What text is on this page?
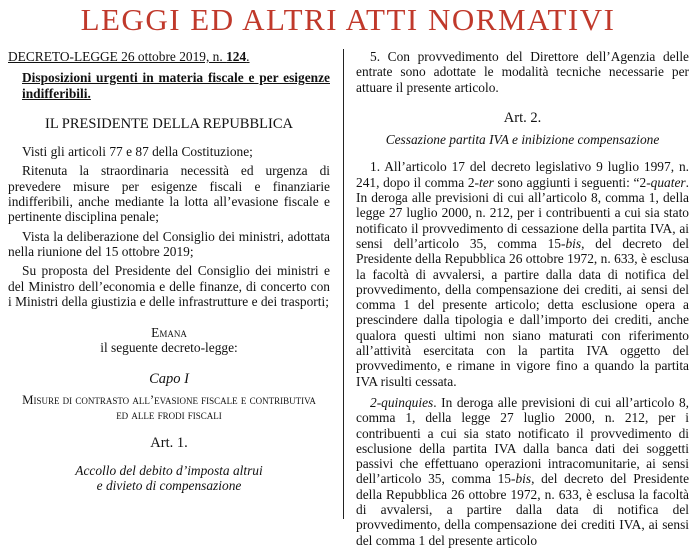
LEGGI ED ALTRI ATTI NORMATIVI

DECRETO-LEGGE 26 ottobre 2019, n. 124.

Disposizioni urgenti in materia fiscale e per esigenze indifferibili.

IL PRESIDENTE DELLA REPUBBLICA

Visti gli articoli 77 e 87 della Costituzione;

Ritenuta la straordinaria necessità ed urgenza di prevedere misure per esigenze fiscali e finanziarie indifferibili, anche mediante la lotta all’evasione fiscale e pertinente disciplina penale;

Vista la deliberazione del Consiglio dei ministri, adottata nella riunione del 15 ottobre 2019;

Su proposta del Presidente del Consiglio dei ministri e del Ministro dell’economia e delle finanze, di concerto con i Ministri della giustizia e delle infrastrutture e dei trasporti;

Emana

il seguente decreto-legge:

Capo I

Misure di contrasto all’evasione fiscale e contributiva
ed alle frodi fiscali

Art. 1.

Accollo del debito d’imposta altrui
e divieto di compensazione

5. Con provvedimento del Direttore dell’Agenzia delle entrate sono adottate le modalità tecniche necessarie per attuare il presente articolo.

Art. 2.

Cessazione partita IVA e inibizione compensazione

1. All’articolo 17 del decreto legislativo 9 luglio 1997, n. 241, dopo il comma 2-ter sono aggiunti i seguenti: “2-quater. In deroga alle previsioni di cui all’articolo 8, comma 1, della legge 27 luglio 2000, n. 212, per i contribuenti a cui sia stato notificato il provvedimento di cessazione della partita IVA, ai sensi dell’articolo 35, comma 15-bis, del decreto del Presidente della Repubblica 26 ottobre 1972, n. 633, è esclusa la facoltà di avvalersi, a partire dalla data di notifica del provvedimento, della compensazione dei crediti, ai sensi del comma 1 del presente articolo; detta esclusione opera a prescindere dalla tipologia e dall’importo dei crediti, anche qualora questi ultimi non siano maturati con riferimento all’attività esercitata con la partita IVA oggetto del provvedimento, e rimane in vigore fino a quando la partita IVA risulti cessata.

2-quinquies. In deroga alle previsioni di cui all’articolo 8, comma 1, della legge 27 luglio 2000, n. 212, per i contribuenti a cui sia stato notificato il provvedimento di esclusione della partita IVA dalla banca dati dei soggetti passivi che effettuano operazioni intracomunitarie, ai sensi dell’articolo 35, comma 15-bis, del decreto del Presidente della Repubblica 26 ottobre 1972, n. 633, è esclusa la facoltà di avvalersi, a partire dalla data di notifica del provvedimento, della compensazione dei crediti IVA, ai sensi del comma 1 del presente articolo
